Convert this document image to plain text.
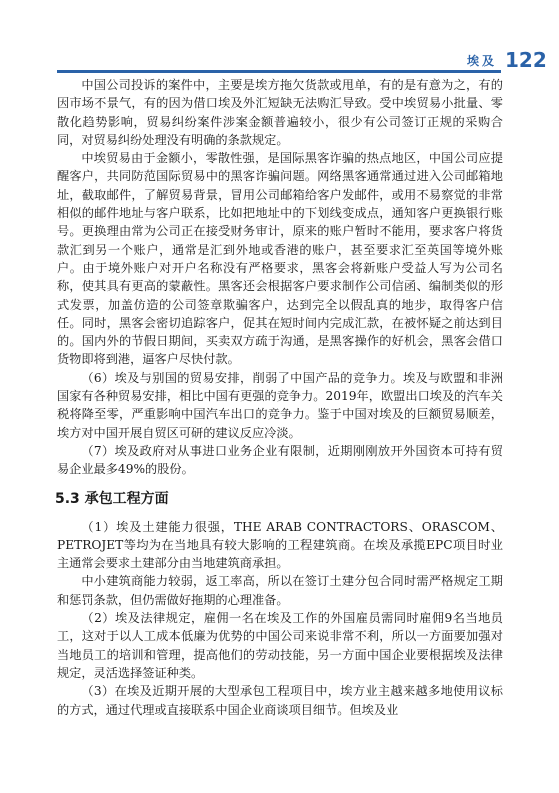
埃及 122

中国公司投诉的案件中，主要是埃方拖欠货款或甩单，有的是有意为之，有的因市场不景气，有的因为借口埃及外汇短缺无法购汇导致。受中埃贸易小批量、零散化趋势影响，贸易纠纷案件涉案金额普遍较小，很少有公司签订正规的采购合同，对贸易纠纷处理没有明确的条款规定。

中埃贸易由于金额小，零散性强，是国际黑客诈骗的热点地区，中国公司应提醒客户，共同防范国际贸易中的黑客诈骗问题。网络黑客通常通过进入公司邮箱地址，截取邮件，了解贸易背景，冒用公司邮箱给客户发邮件，或用不易察觉的非常相似的邮件地址与客户联系，比如把地址中的下划线变成点，通知客户更换银行账号。更换理由常为公司正在接受财务审计，原来的账户暂时不能用，要求客户将货款汇到另一个账户，通常是汇到外地或香港的账户，甚至要求汇至英国等境外账户。由于境外账户对开户名称没有严格要求，黑客会将新账户受益人写为公司名称，使其具有更高的蒙蔽性。黑客还会根据客户要求制作公司信函、编制类似的形式发票，加盖仿造的公司签章欺骗客户，达到完全以假乱真的地步，取得客户信任。同时，黑客会密切追踪客户，促其在短时间内完成汇款，在被怀疑之前达到目的。国内外的节假日期间，买卖双方疏于沟通，是黑客操作的好机会，黑客会借口货物即将到港，逼客户尽快付款。

（6）埃及与别国的贸易安排，削弱了中国产品的竞争力。埃及与欧盟和非洲国家有各种贸易安排，相比中国有更强的竞争力。2019年，欧盟出口埃及的汽车关税将降至零，严重影响中国汽车出口的竞争力。鉴于中国对埃及的巨额贸易顺差，埃方对中国开展自贸区可研的建议反应冷淡。

（7）埃及政府对从事进口业务企业有限制，近期刚刚放开外国资本可持有贸易企业最多49%的股份。

5.3 承包工程方面

（1）埃及土建能力很强，THE ARAB CONTRACTORS、ORASCOM、PETROJET等均为在当地具有较大影响的工程建筑商。在埃及承揽EPC项目时业主通常会要求土建部分由当地建筑商承担。

中小建筑商能力较弱，返工率高，所以在签订土建分包合同时需严格规定工期和惩罚条款，但仍需做好拖期的心理准备。

（2）埃及法律规定，雇佣一名在埃及工作的外国雇员需同时雇佣9名当地员工，这对于以人工成本低廉为优势的中国公司来说非常不利，所以一方面要加强对当地员工的培训和管理，提高他们的劳动技能，另一方面中国企业要根据埃及法律规定，灵活选择签证种类。

（3）在埃及近期开展的大型承包工程项目中，埃方业主越来越多地使用议标的方式，通过代理或直接联系中国企业商谈项目细节。但埃及业
